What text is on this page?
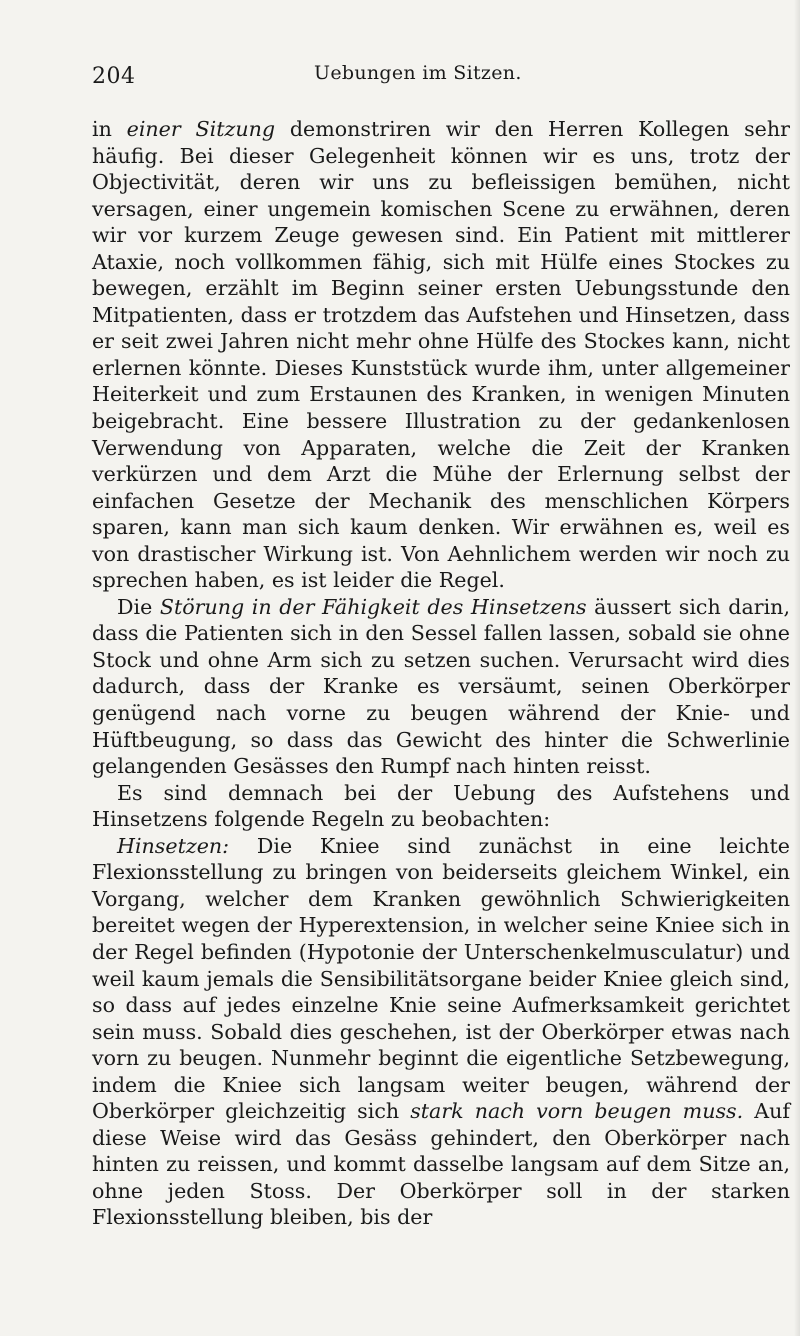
204	Uebungen im Sitzen.

in einer Sitzung demonstriren wir den Herren Kollegen sehr häufig. Bei dieser Gelegenheit können wir es uns, trotz der Objectivität, deren wir uns zu befleissigen bemühen, nicht versagen, einer ungemein komischen Scene zu erwähnen, deren wir vor kurzem Zeuge gewesen sind. Ein Patient mit mittlerer Ataxie, noch vollkommen fähig, sich mit Hülfe eines Stockes zu bewegen, erzählt im Beginn seiner ersten Uebungsstunde den Mitpatienten, dass er trotzdem das Aufstehen und Hinsetzen, dass er seit zwei Jahren nicht mehr ohne Hülfe des Stockes kann, nicht erlernen könnte. Dieses Kunststück wurde ihm, unter allgemeiner Heiterkeit und zum Erstaunen des Kranken, in wenigen Minuten beigebracht. Eine bessere Illustration zu der gedankenlosen Verwendung von Apparaten, welche die Zeit der Kranken verkürzen und dem Arzt die Mühe der Erlernung selbst der einfachen Gesetze der Mechanik des menschlichen Körpers sparen, kann man sich kaum denken. Wir erwähnen es, weil es von drastischer Wirkung ist. Von Aehnlichem werden wir noch zu sprechen haben, es ist leider die Regel.

Die Störung in der Fähigkeit des Hinsetzens äussert sich darin, dass die Patienten sich in den Sessel fallen lassen, sobald sie ohne Stock und ohne Arm sich zu setzen suchen. Verursacht wird dies dadurch, dass der Kranke es versäumt, seinen Oberkörper genügend nach vorne zu beugen während der Knie- und Hüftbeugung, so dass das Gewicht des hinter die Schwerlinie gelangenden Gesässes den Rumpf nach hinten reisst.

Es sind demnach bei der Uebung des Aufstehens und Hinsetzens folgende Regeln zu beobachten:

Hinsetzen: Die Kniee sind zunächst in eine leichte Flexionsstellung zu bringen von beiderseits gleichem Winkel, ein Vorgang, welcher dem Kranken gewöhnlich Schwierigkeiten bereitet wegen der Hyperextension, in welcher seine Kniee sich in der Regel befinden (Hypotonie der Unterschenkelmusculatur) und weil kaum jemals die Sensibilitätsorgane beider Kniee gleich sind, so dass auf jedes einzelne Knie seine Aufmerksamkeit gerichtet sein muss. Sobald dies geschehen, ist der Oberkörper etwas nach vorn zu beugen. Nunmehr beginnt die eigentliche Setzbewegung, indem die Kniee sich langsam weiter beugen, während der Oberkörper gleichzeitig sich stark nach vorn beugen muss. Auf diese Weise wird das Gesäss gehindert, den Oberkörper nach hinten zu reissen, und kommt dasselbe langsam auf dem Sitze an, ohne jeden Stoss. Der Oberkörper soll in der starken Flexionsstellung bleiben, bis der
